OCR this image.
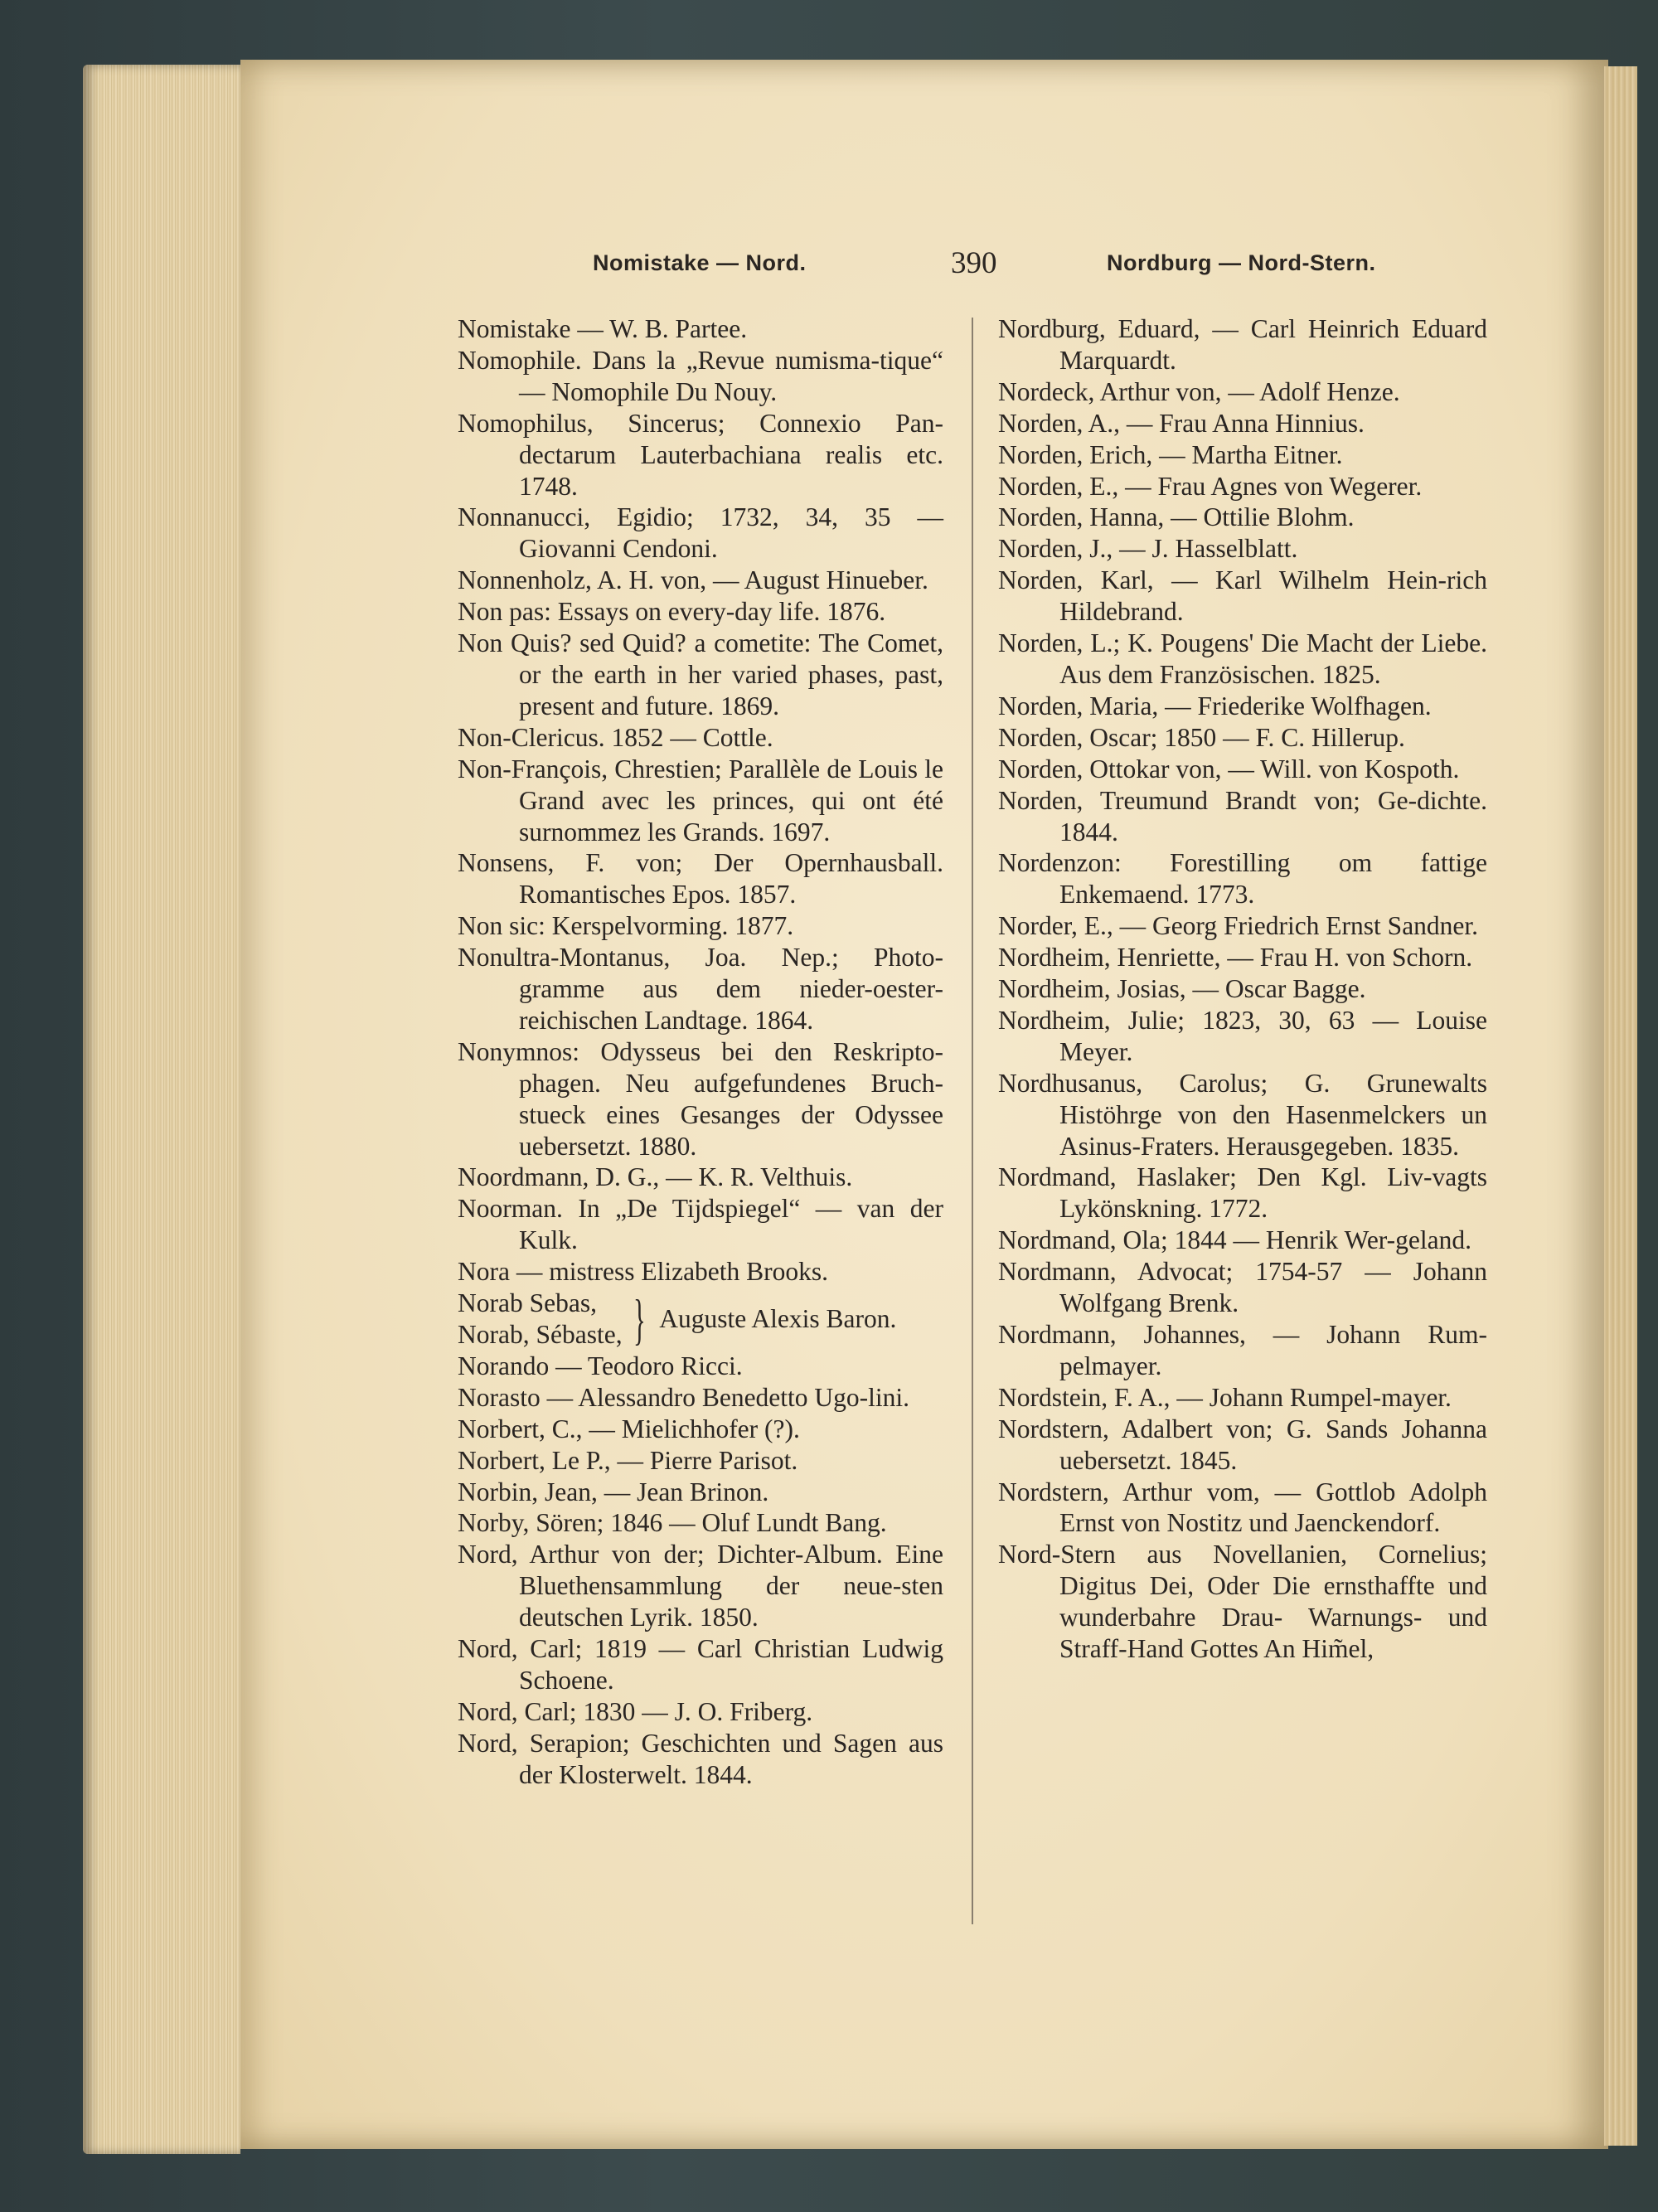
Nomistake — Nord.	390	Nordburg — Nord-Stern.
Nomistake — W. B. Partee.
Nomophile. Dans la „Revue numisma-tique“ — Nomophile Du Nouy.
Nomophilus, Sincerus; Connexio Pan-dectarum Lauterbachiana realis etc. 1748.
Nonnanucci, Egidio; 1732, 34, 35 — Giovanni Cendoni.
Nonnenholz, A. H. von, — August Hinueber.
Non pas: Essays on every-day life. 1876.
Non Quis? sed Quid? a cometite: The Comet, or the earth in her varied phases, past, present and future. 1869.
Non-Clericus. 1852 — Cottle.
Non-François, Chrestien; Parallèle de Louis le Grand avec les princes, qui ont été surnommez les Grands. 1697.
Nonsens, F. von; Der Opernhausball. Romantisches Epos. 1857.
Non sic: Kerspelvorming. 1877.
Nonultra-Montanus, Joa. Nep.; Photo-gramme aus dem nieder-oester-reichischen Landtage. 1864.
Nonymnos: Odysseus bei den Reskripto-phagen. Neu aufgefundenes Bruch-stueck eines Gesanges der Odyssee uebersetzt. 1880.
Noordmann, D. G., — K. R. Velthuis.
Noorman. In „De Tijdspiegel“ — van der Kulk.
Nora — mistress Elizabeth Brooks.
Norab Sebas,
Norab, Sébaste, } Auguste Alexis Baron.
Norando — Teodoro Ricci.
Norasto — Alessandro Benedetto Ugo-lini.
Norbert, C., — Mielichhofer (?).
Norbert, Le P., — Pierre Parisot.
Norbin, Jean, — Jean Brinon.
Norby, Sören; 1846 — Oluf Lundt Bang.
Nord, Arthur von der; Dichter-Album. Eine Bluethensammlung der neue-sten deutschen Lyrik. 1850.
Nord, Carl; 1819 — Carl Christian Ludwig Schoene.
Nord, Carl; 1830 — J. O. Friberg.
Nord, Serapion; Geschichten und Sagen aus der Klosterwelt. 1844.
Nordburg, Eduard, — Carl Heinrich Eduard Marquardt.
Nordeck, Arthur von, — Adolf Henze.
Norden, A., — Frau Anna Hinnius.
Norden, Erich, — Martha Eitner.
Norden, E., — Frau Agnes von Wegerer.
Norden, Hanna, — Ottilie Blohm.
Norden, J., — J. Hasselblatt.
Norden, Karl, — Karl Wilhelm Hein-rich Hildebrand.
Norden, L.; K. Pougens' Die Macht der Liebe. Aus dem Französischen. 1825.
Norden, Maria, — Friederike Wolfhagen.
Norden, Oscar; 1850 — F. C. Hillerup.
Norden, Ottokar von, — Will. von Kospoth.
Norden, Treumund Brandt von; Ge-dichte. 1844.
Nordenzon: Forestilling om fattige Enkemaend. 1773.
Norder, E., — Georg Friedrich Ernst Sandner.
Nordheim, Henriette, — Frau H. von Schorn.
Nordheim, Josias, — Oscar Bagge.
Nordheim, Julie; 1823, 30, 63 — Louise Meyer.
Nordhusanus, Carolus; G. Grunewalts Histöhrge von den Hasenmelckers un Asinus-Fraters. Herausgegeben. 1835.
Nordmand, Haslaker; Den Kgl. Liv-vagts Lykönskning. 1772.
Nordmand, Ola; 1844 — Henrik Wer-geland.
Nordmann, Advocat; 1754-57 — Johann Wolfgang Brenk.
Nordmann, Johannes, — Johann Rum-pelmayer.
Nordstein, F. A., — Johann Rumpel-mayer.
Nordstern, Adalbert von; G. Sands Johanna uebersetzt. 1845.
Nordstern, Arthur vom, — Gottlob Adolph Ernst von Nostitz und Jaenckendorf.
Nord-Stern aus Novellanien, Cornelius; Digitus Dei, Oder Die ernsthaffte und wunderbahre Drau- Warnungs- und Straff-Hand Gottes An Him̃el,
